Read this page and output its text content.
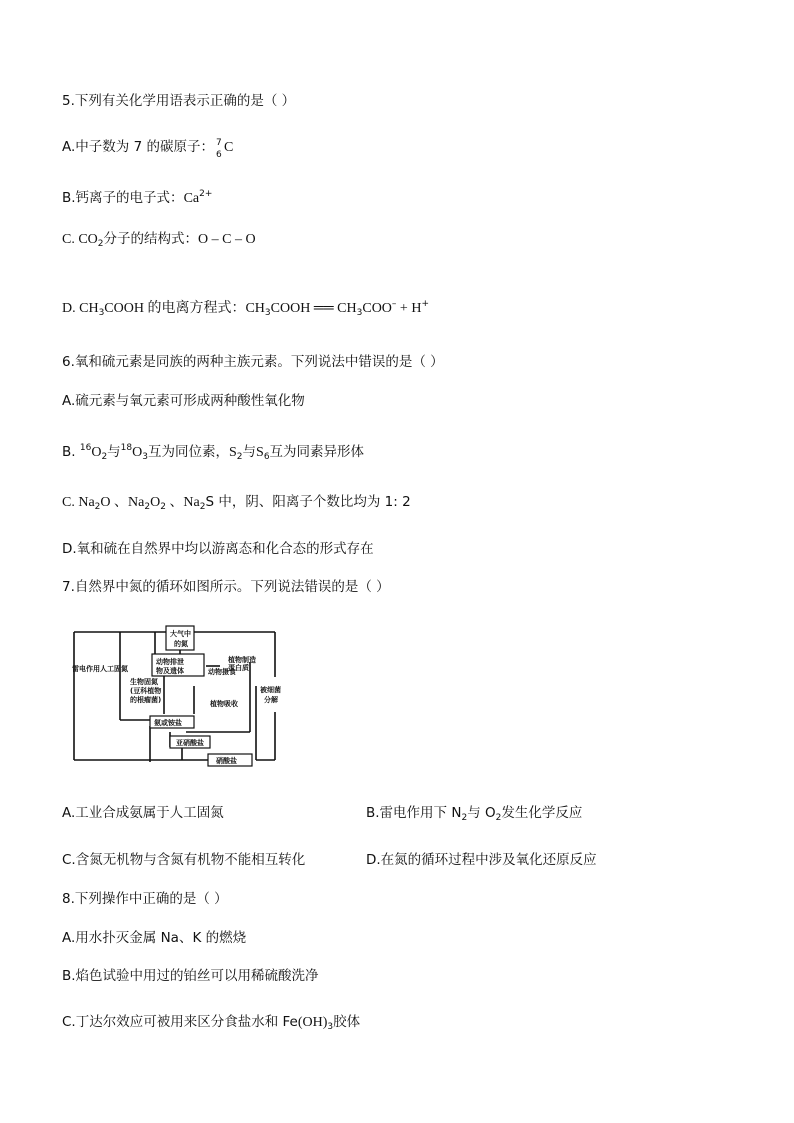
5.下列有关化学用语表示正确的是（ ）
A.中子数为 7 的碳原子： 7
6 C
B.钙离子的电子式：$Ca^{2+}$
C. $CO_2$分子的结构式：O – C – O
D. $CH_3COOH$ 的电离方程式：$CH_3COOH$ ══ $CH_3COO^- + H^+$
6.氧和硫元素是同族的两种主族元素。下列说法中错误的是（ ）
A.硫元素与氧元素可形成两种酸性氧化物
B. $^{16}O_2$与$^{18}O_3$互为同位素，$S_2$与$S_6$互为同素异形体
C. $Na_2O$ 、$Na_2O_2$ 、$Na_2S$ 中，阴、阳离子个数比均为 1: 2
D.氧和硫在自然界中均以游离态和化合态的形式存在
7.自然界中氮的循环如图所示。下列说法错误的是（ ）
大气中
的氮
雷电作用 人工固氮
生物固氮
(豆科植物
的根瘤菌)
动物排泄
物及遗体	动物摄食
植物制造
蛋白质
植物吸收
被细菌
分解
氨或铵盐
亚硝酸盐
硝酸盐
A.工业合成氨属于人工固氮	B.雷电作用下 $N_2$与 $O_2$发生化学反应
C.含氮无机物与含氮有机物不能相互转化	D.在氮的循环过程中涉及氧化还原反应
8.下列操作中正确的是（ ）
A.用水扑灭金属 Na、K 的燃烧
B.焰色试验中用过的铂丝可以用稀硫酸洗净
C.丁达尔效应可被用来区分食盐水和 $Fe(OH)_3$胶体
